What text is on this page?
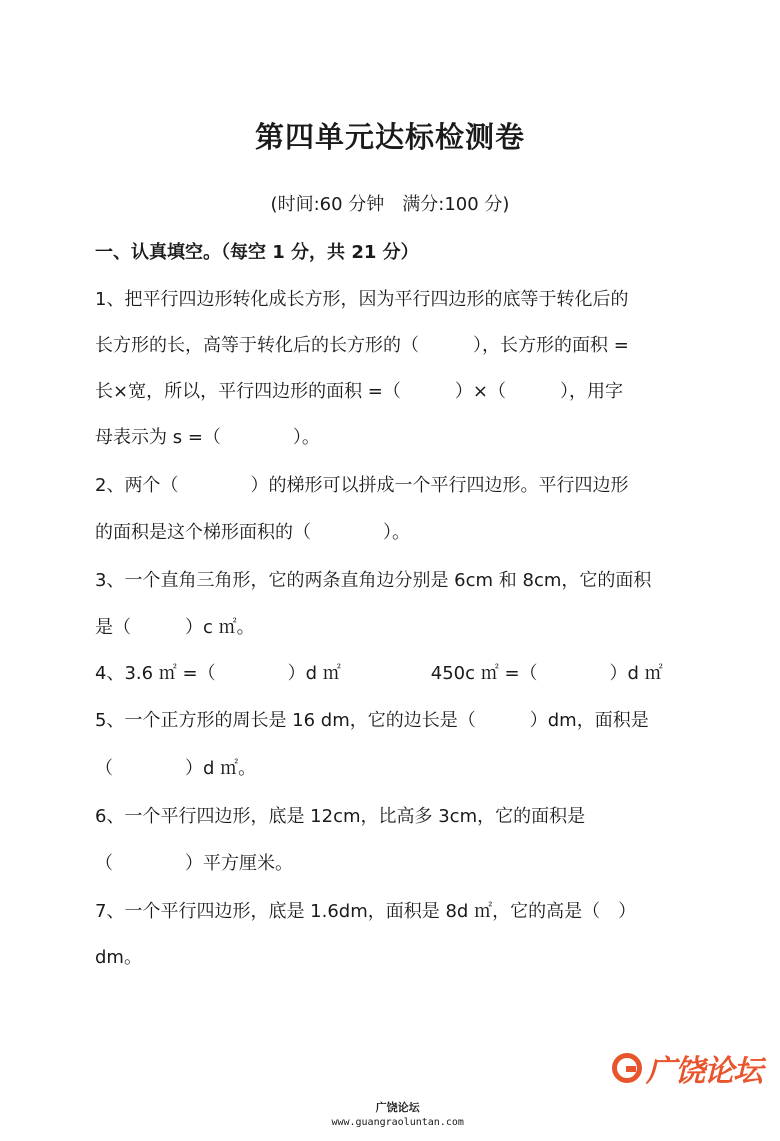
第四单元达标检测卷
(时间:60 分钟　满分:100 分)
一、认真填空。（每空 1 分，共 21 分）
1、把平行四边形转化成长方形，因为平行四边形的底等于转化后的
长方形的长，高等于转化后的长方形的（　　　），长方形的面积 =
长×宽，所以，平行四边形的面积 =（　　　）×（　　　），用字
母表示为 s =（　　　　）。
2、两个（　　　　）的梯形可以拼成一个平行四边形。平行四边形
的面积是这个梯形面积的（　　　　）。
3、一个直角三角形，它的两条直角边分别是 6cm 和 8cm，它的面积
是（　　　）c ㎡。
4、3.6 ㎡ =（　　　　）d ㎡　　　　　450c ㎡ =（　　　　）d ㎡
5、一个正方形的周长是 16 dm，它的边长是（　　　）dm，面积是
（　　　　）d ㎡。
6、一个平行四边形，底是 12cm，比高多 3cm，它的面积是
（　　　　）平方厘米。
7、一个平行四边形，底是 1.6dm，面积是 8d ㎡，它的高是（　）
dm。

广饶论坛
www.guangraoluntan.com

广饶论坛
